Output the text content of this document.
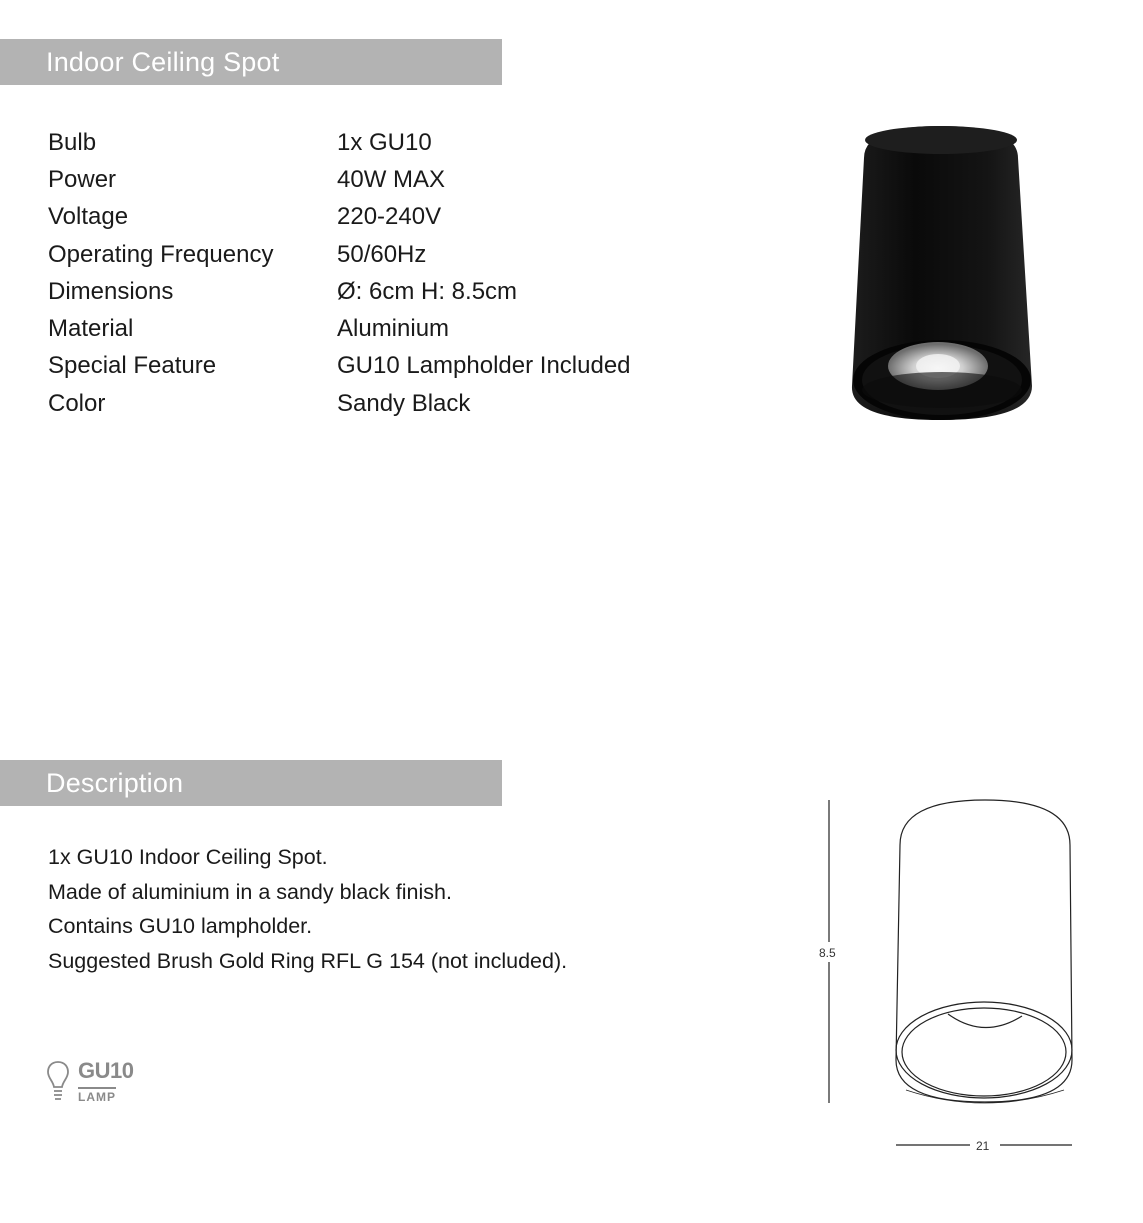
Indoor Ceiling Spot
Bulb	1x GU10
Power	40W MAX
Voltage	220-240V
Operating Frequency	50/60Hz
Dimensions	Ø: 6cm H: 8.5cm
Material	Aluminium
Special Feature	GU10 Lampholder Included
Color	Sandy Black
Description
1x GU10 Indoor Ceiling Spot.
Made of aluminium in a sandy black finish.
Contains GU10 lampholder.
Suggested Brush Gold Ring RFL G 154 (not included).	8.5
21
GU10
LAMP
